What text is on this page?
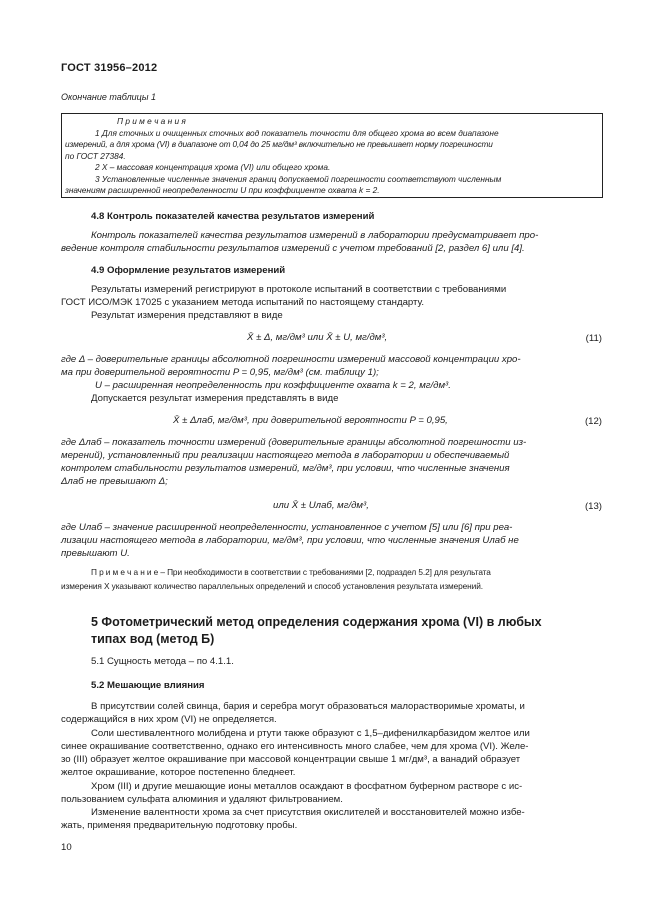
ГОСТ 31956–2012
Окончание таблицы 1
П р и м е ч а н и я
1 Для сточных и очищенных сточных вод показатель точности для общего хрома во всем диапазоне
измерений, а для хрома (VI) в диапазоне от 0,04 до 25 мг/дм³ включительно не превышает норму погрешности
по ГОСТ 27384.
2 X – массовая концентрация хрома (VI) или общего хрома.
3 Установленные численные значения границ допускаемой погрешности соответствуют численным
значениям расширенной неопределенности U при коэффициенте охвата k = 2.
4.8 Контроль показателей качества результатов измерений
Контроль показателей качества результатов измерений в лаборатории предусматривает про-
ведение контроля стабильности результатов измерений с учетом требований [2, раздел 6] или [4].
4.9 Оформление результатов измерений
Результаты измерений регистрируют в протоколе испытаний в соответствии с требованиями
ГОСТ ИСО/МЭК 17025 с указанием метода испытаний по настоящему стандарту.
Результат измерения представляют в виде
X̄ ± Δ, мг/дм³ или X̄ ± U, мг/дм³,	(11)
где Δ – доверительные границы абсолютной погрешности измерений массовой концентрации хро-
ма при доверительной вероятности P = 0,95, мг/дм³ (см. таблицу 1);
U – расширенная неопределенность при коэффициенте охвата k = 2, мг/дм³.
Допускается результат измерения представлять в виде
X̄ ± Δлаб, мг/дм³, при доверительной вероятности P = 0,95,	(12)
где Δлаб – показатель точности измерений (доверительные границы абсолютной погрешности из-
мерений), установленный при реализации настоящего метода в лаборатории и обеспечиваемый
контролем стабильности результатов измерений, мг/дм³, при условии, что численные значения
Δлаб не превышают Δ;
или X̄ ± Uлаб, мг/дм³,	(13)
где Uлаб – значение расширенной неопределенности, установленное с учетом [5] или [6] при реа-
лизации настоящего метода в лаборатории, мг/дм³, при условии, что численные значения Uлаб не
превышают U.
П р и м е ч а н и е – При необходимости в соответствии с требованиями [2, подраздел 5.2] для результата
измерения X указывают количество параллельных определений и способ установления результата измерений.
5 Фотометрический метод определения содержания хрома (VI) в любых
типах вод (метод Б)
5.1 Сущность метода – по 4.1.1.
5.2 Мешающие влияния
В присутствии солей свинца, бария и серебра могут образоваться малорастворимые хроматы, и
содержащийся в них хром (VI) не определяется.
Соли шестивалентного молибдена и ртути также образуют с 1,5–дифенилкарбазидом желтое или
синее окрашивание соответственно, однако его интенсивность много слабее, чем для хрома (VI). Желе-
зо (III) образует желтое окрашивание при массовой концентрации свыше 1 мг/дм³, а ванадий образует
желтое окрашивание, которое постепенно бледнеет.
Хром (III) и другие мешающие ионы металлов осаждают в фосфатном буферном растворе с ис-
пользованием сульфата алюминия и удаляют фильтрованием.
Изменение валентности хрома за счет присутствия окислителей и восстановителей можно избе-
жать, применяя предварительную подготовку пробы.
10
